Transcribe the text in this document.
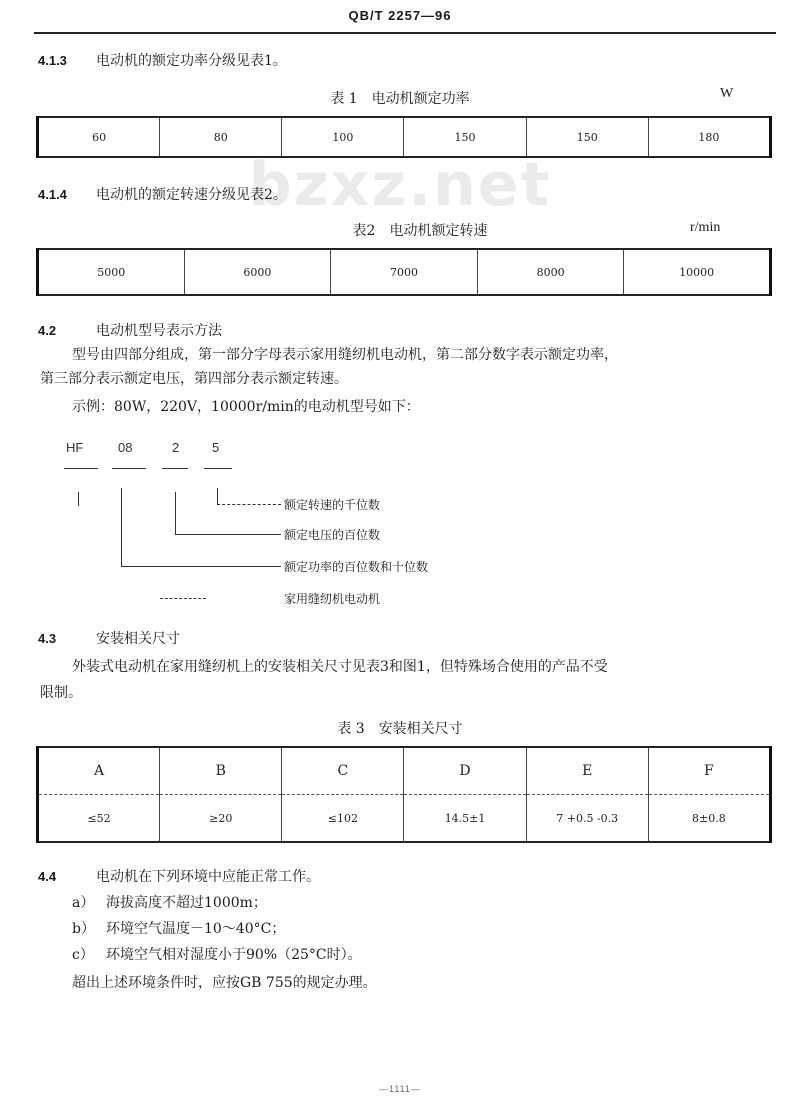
QB/T 2257—96
bzxz.net
4.1.3 电动机的额定功率分级见表1。
表 1　电动机额定功率	W
60	80	100	150	150	180
4.1.4 电动机的额定转速分级见表2。
表2　电动机额定转速	r/min
5000	6000	7000	8000	10000
4.2	电动机型号表示方法
型号由四部分组成，第一部分字母表示家用缝纫机电动机，第二部分数字表示额定功率，
第三部分表示额定电压，第四部分表示额定转速。
示例：80W，220V，10000r/min的电动机型号如下：
HF	08	2	5
额定转速的千位数
额定电压的百位数
额定功率的百位数和十位数
家用缝纫机电动机
4.3	安装相关尺寸
外装式电动机在家用缝纫机上的安装相关尺寸见表3和图1，但特殊场合使用的产品不受
限制。
表 3　安装相关尺寸
A	B	C	D	E	F
≤52	≥20	≤102	14.5±1	7 +0.5 -0.3	8±0.8
4.4	电动机在下列环境中应能正常工作。
a） 海拔高度不超过1000m；
b） 环境空气温度－10～40°C；
c） 环境空气相对湿度小于90%（25°C时）。
超出上述环境条件时，应按GB 755的规定办理。
—1111—
